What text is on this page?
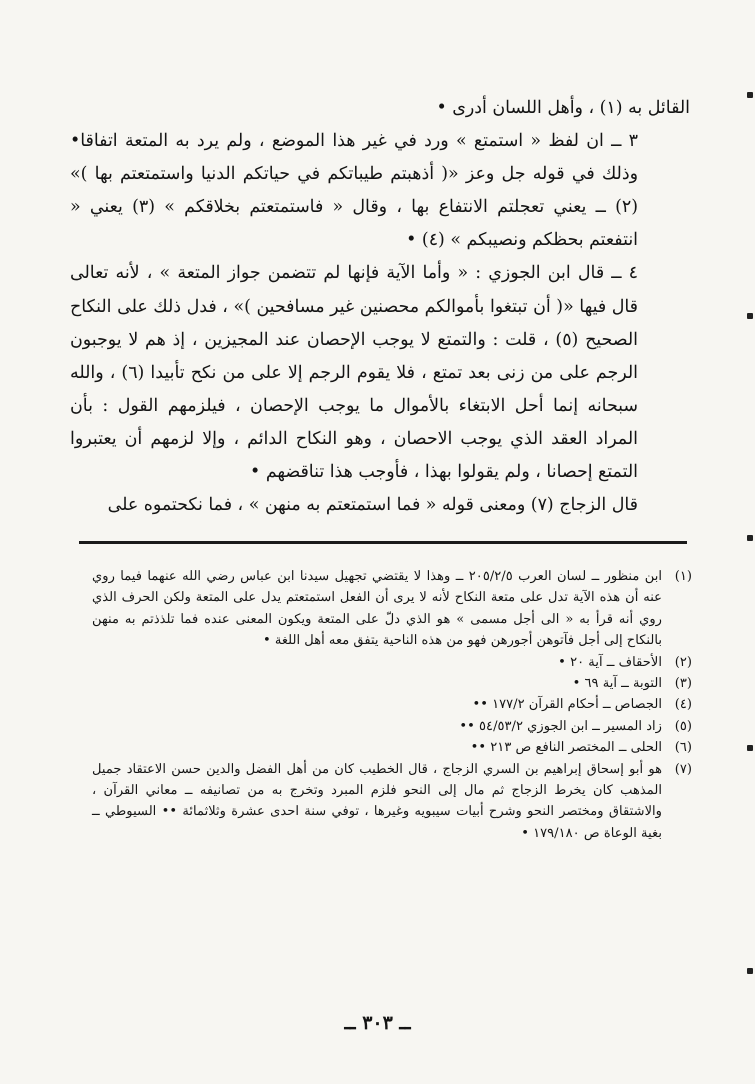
القائل به (١) ، وأهل اللسان أدرى •

٣ ــ ان لفظ « استمتع » ورد في غير هذا الموضع ، ولم يرد به المتعة اتفاقا• وذلك في قوله جل وعز «( أذهبتم طيباتكم في حياتكم الدنيا واستمتعتم بها )» (٢) ــ يعني تعجلتم الانتفاع بها ، وقال « فاستمتعتم بخلاقكم » (٣) يعني « انتفعتم بحظكم ونصيبكم » (٤) •

٤ ــ قال ابن الجوزي : « وأما الآية فإنها لم تتضمن جواز المتعة » ، لأنه تعالى قال فيها «( أن تبتغوا بأموالكم محصنين غير مسافحين )» ، فدل ذلك على النكاح الصحيح (٥) ، قلت : والتمتع لا يوجب الإحصان عند المجيزين ، إذ هم لا يوجبون الرجم على من زنى بعد تمتع ، فلا يقوم الرجم إلا على من نكح تأبيدا (٦) ، والله سبحانه إنما أحل الابتغاء بالأموال ما يوجب الإحصان ، فيلزمهم القول : بأن المراد العقد الذي يوجب الاحصان ، وهو النكاح الدائم ، وإلا لزمهم أن يعتبروا التمتع إحصانا ، ولم يقولوا بهذا ، فأوجب هذا تناقضهم •

قال الزجاج (٧) ومعنى قوله « فما استمتعتم به منهن » ، فما نكحتموه على

(١)
ابن منظور ــ لسان العرب ٢٠٥/٢/٥ ــ وهذا لا يقتضي تجهيل سيدنا ابن عباس رضي الله عنهما فيما روي عنه أن هذه الآية تدل على متعة النكاح لأنه لا يرى أن الفعل استمتعتم يدل على المتعة ولكن الحرف الذي روي أنه قرأ به « الى أجل مسمى » هو الذي دلّ على المتعة ويكون المعنى عنده فما تلذذتم به منهن بالنكاح إلى أجل فآتوهن أجورهن فهو من هذه الناحية يتفق معه أهل اللغة •
(٢)
الأحقاف ــ آية ٢٠ •
(٣)
التوبة ــ آية ٦٩ •
(٤)
الجصاص ــ أحكام القرآن ١٧٧/٢ ••
(٥)
زاد المسير ــ ابن الجوزي ٥٤/٥٣/٢ ••
(٦)
الحلى ــ المختصر النافع ص ٢١٣ ••
(٧)
هو أبو إسحاق إبراهيم بن السري الزجاج ، قال الخطيب كان من أهل الفضل والدين حسن الاعتقاد جميل المذهب كان يخرط الزجاج ثم مال إلى النحو فلزم المبرد وتخرج به من تصانيفه ــ معاني القرآن ، والاشتقاق ومختصر النحو وشرح أبيات سيبويه وغيرها ، توفي سنة احدى عشرة وثلاثمائة •• السيوطي ــ بغية الوعاة ص ١٧٩/١٨٠ •
ــ ٣٠٣ ــ
